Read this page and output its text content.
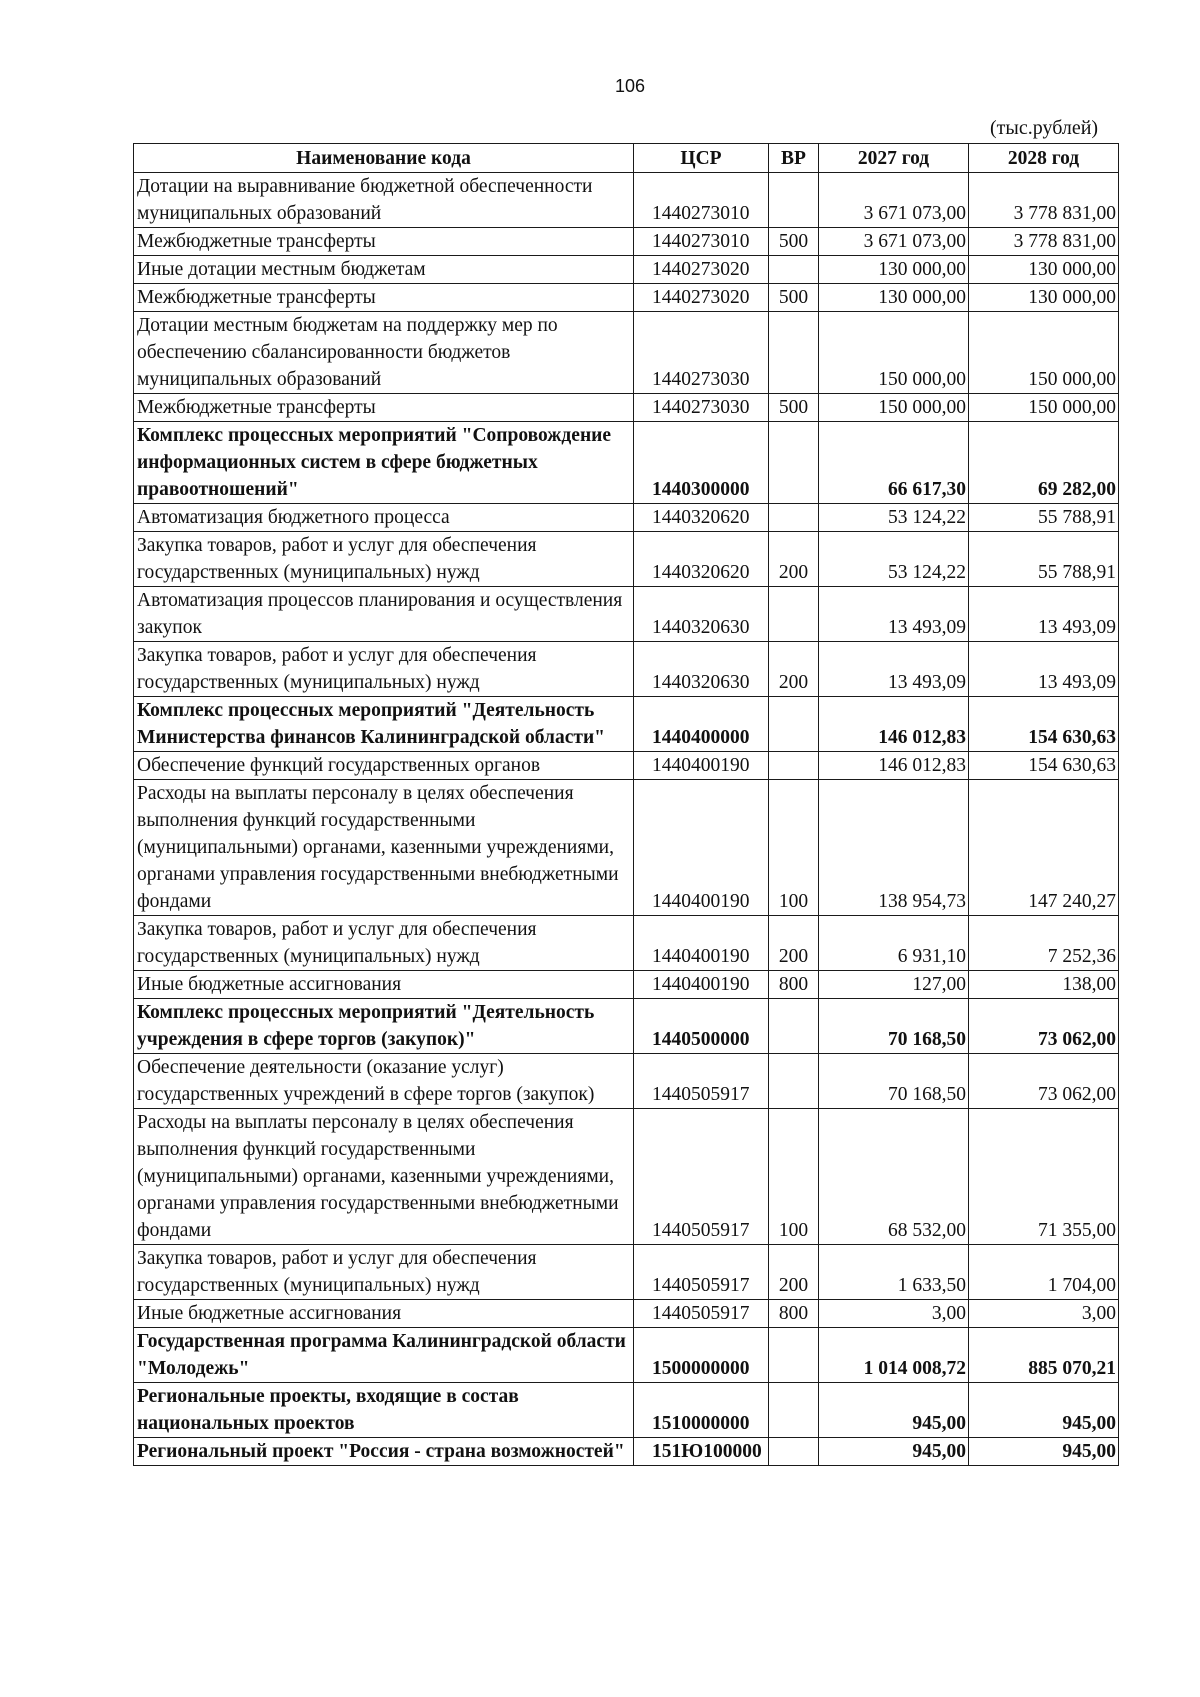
106
(тыс.рублей)
Наименование кода	ЦСР	ВР	2027 год	2028 год
Дотации на выравнивание бюджетной обеспеченности муниципальных образований	1440273010		3 671 073,00	3 778 831,00
Межбюджетные трансферты	1440273010	500	3 671 073,00	3 778 831,00
Иные дотации местным бюджетам	1440273020		130 000,00	130 000,00
Межбюджетные трансферты	1440273020	500	130 000,00	130 000,00
Дотации местным бюджетам на поддержку мер по обеспечению сбалансированности бюджетов муниципальных образований	1440273030		150 000,00	150 000,00
Межбюджетные трансферты	1440273030	500	150 000,00	150 000,00
Комплекс процессных мероприятий "Сопровождение информационных систем в сфере бюджетных правоотношений"	1440300000		66 617,30	69 282,00
Автоматизация бюджетного процесса	1440320620		53 124,22	55 788,91
Закупка товаров, работ и услуг для обеспечения государственных (муниципальных) нужд	1440320620	200	53 124,22	55 788,91
Автоматизация процессов планирования и осуществления закупок	1440320630		13 493,09	13 493,09
Закупка товаров, работ и услуг для обеспечения государственных (муниципальных) нужд	1440320630	200	13 493,09	13 493,09
Комплекс процессных мероприятий "Деятельность Министерства финансов Калининградской области"	1440400000		146 012,83	154 630,63
Обеспечение функций государственных органов	1440400190		146 012,83	154 630,63
Расходы на выплаты персоналу в целях обеспечения выполнения функций государственными (муниципальными) органами, казенными учреждениями, органами управления государственными внебюджетными фондами	1440400190	100	138 954,73	147 240,27
Закупка товаров, работ и услуг для обеспечения государственных (муниципальных) нужд	1440400190	200	6 931,10	7 252,36
Иные бюджетные ассигнования	1440400190	800	127,00	138,00
Комплекс процессных мероприятий "Деятельность учреждения в сфере торгов (закупок)"	1440500000		70 168,50	73 062,00
Обеспечение деятельности (оказание услуг) государственных учреждений в сфере торгов (закупок)	1440505917		70 168,50	73 062,00
Расходы на выплаты персоналу в целях обеспечения выполнения функций государственными (муниципальными) органами, казенными учреждениями, органами управления государственными внебюджетными фондами	1440505917	100	68 532,00	71 355,00
Закупка товаров, работ и услуг для обеспечения государственных (муниципальных) нужд	1440505917	200	1 633,50	1 704,00
Иные бюджетные ассигнования	1440505917	800	3,00	3,00
Государственная программа Калининградской области "Молодежь"	1500000000		1 014 008,72	885 070,21
Региональные проекты, входящие в состав национальных проектов	1510000000		945,00	945,00
Региональный проект "Россия - страна возможностей"	151Ю100000		945,00	945,00
